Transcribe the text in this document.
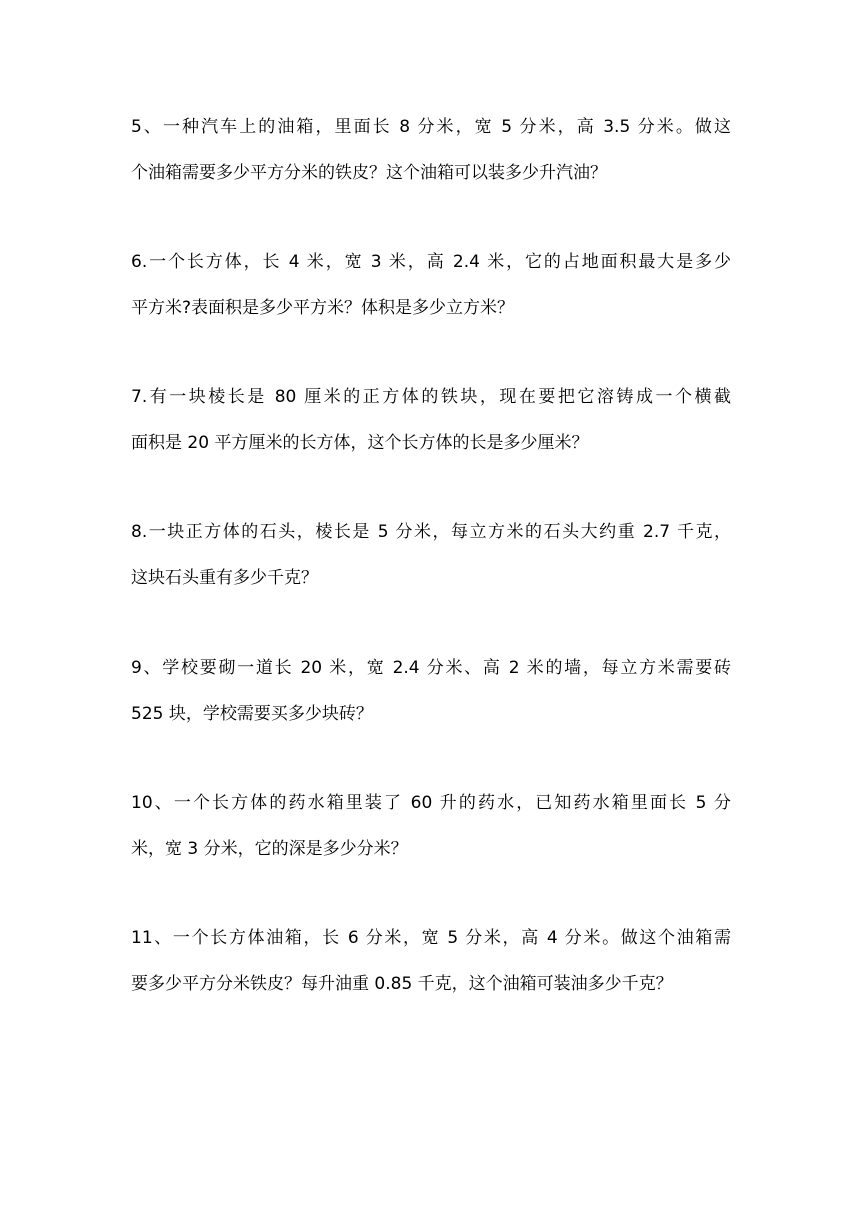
5、一种汽车上的油箱，里面长 8 分米，宽 5 分米，高 3.5 分米。做这
个油箱需要多少平方分米的铁皮？这个油箱可以装多少升汽油？

6.一个长方体，长 4 米，宽 3 米，高 2.4 米，它的占地面积最大是多少
平方米?表面积是多少平方米？体积是多少立方米？

7.有一块棱长是 80 厘米的正方体的铁块，现在要把它溶铸成一个横截
面积是 20 平方厘米的长方体，这个长方体的长是多少厘米？

8.一块正方体的石头，棱长是 5 分米，每立方米的石头大约重 2.7 千克，
这块石头重有多少千克？

9、学校要砌一道长 20 米，宽 2.4 分米、高 2 米的墙，每立方米需要砖
525 块，学校需要买多少块砖？

10、一个长方体的药水箱里装了 60 升的药水，已知药水箱里面长 5 分
米，宽 3 分米，它的深是多少分米？

11、一个长方体油箱，长 6 分米，宽 5 分米，高 4 分米。做这个油箱需
要多少平方分米铁皮？每升油重 0.85 千克，这个油箱可装油多少千克？
